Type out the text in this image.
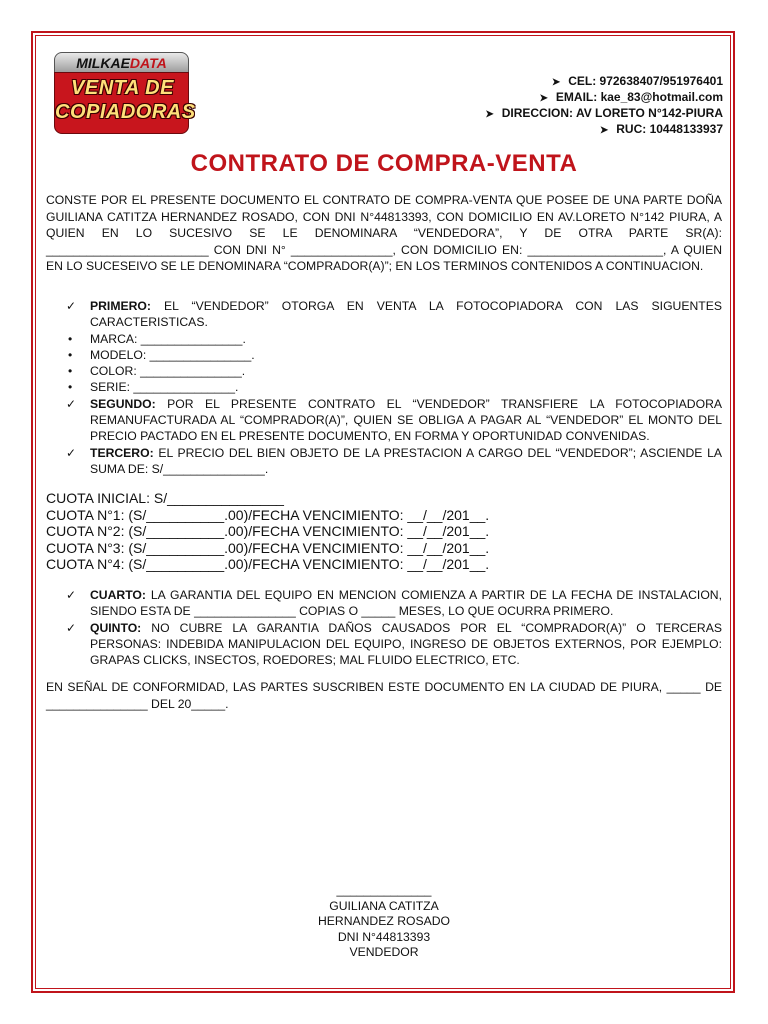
MILKAEDATA
VENTA DE
COPIADORAS
➤ CEL: 972638407/951976401
➤ EMAIL: kae_83@hotmail.com
➤ DIRECCION: AV LORETO N°142-PIURA
➤ RUC: 10448133937
CONTRATO DE COMPRA-VENTA
CONSTE POR EL PRESENTE DOCUMENTO EL CONTRATO DE COMPRA-VENTA QUE POSEE DE UNA PARTE DOÑA GUILIANA CATITZA HERNANDEZ ROSADO, CON DNI N°44813393, CON DOMICILIO EN AV.LORETO N°142 PIURA, A QUIEN EN LO SUCESIVO SE LE DENOMINARA “VENDEDORA”, Y DE OTRA PARTE SR(A): ________________________ CON DNI N° _______________, CON DOMICILIO EN: ____________________, A QUIEN EN LO SUCESEIVO SE LE DENOMINARA “COMPRADOR(A)”; EN LOS TERMINOS CONTENIDOS A CONTINUACION.
✓ PRIMERO: EL “VENDEDOR” OTORGA EN VENTA LA FOTOCOPIADORA CON LAS SIGUENTES CARACTERISTICAS.
• MARCA: _______________.
• MODELO: _______________.
• COLOR: _______________.
• SERIE: _______________.
✓ SEGUNDO: POR EL PRESENTE CONTRATO EL “VENDEDOR” TRANSFIERE LA FOTOCOPIADORA REMANUFACTURADA AL “COMPRADOR(A)”, QUIEN SE OBLIGA A PAGAR AL “VENDEDOR” EL MONTO DEL PRECIO PACTADO EN EL PRESENTE DOCUMENTO, EN FORMA Y OPORTUNIDAD CONVENIDAS.
✓ TERCERO: EL PRECIO DEL BIEN OBJETO DE LA PRESTACION A CARGO DEL “VENDEDOR”; ASCIENDE LA SUMA DE: S/_______________.
CUOTA INICIAL: S/_______________
CUOTA N°1: (S/__________.00)/FECHA VENCIMIENTO: __/__/201__.
CUOTA N°2: (S/__________.00)/FECHA VENCIMIENTO: __/__/201__.
CUOTA N°3: (S/__________.00)/FECHA VENCIMIENTO: __/__/201__.
CUOTA N°4: (S/__________.00)/FECHA VENCIMIENTO: __/__/201__.
✓ CUARTO: LA GARANTIA DEL EQUIPO EN MENCION COMIENZA A PARTIR DE LA FECHA DE INSTALACION, SIENDO ESTA DE _______________ COPIAS O _____ MESES, LO QUE OCURRA PRIMERO.
✓ QUINTO: NO CUBRE LA GARANTIA DAÑOS CAUSADOS POR EL “COMPRADOR(A)” O TERCERAS PERSONAS: INDEBIDA MANIPULACION DEL EQUIPO, INGRESO DE OBJETOS EXTERNOS, POR EJEMPLO: GRAPAS CLICKS, INSECTOS, ROEDORES; MAL FLUIDO ELECTRICO, ETC.
EN SEÑAL DE CONFORMIDAD, LAS PARTES SUSCRIBEN ESTE DOCUMENTO EN LA CIUDAD DE PIURA, _____ DE _______________ DEL 20_____.
______________
GUILIANA CATITZA
HERNANDEZ ROSADO
DNI N°44813393
VENDEDOR
